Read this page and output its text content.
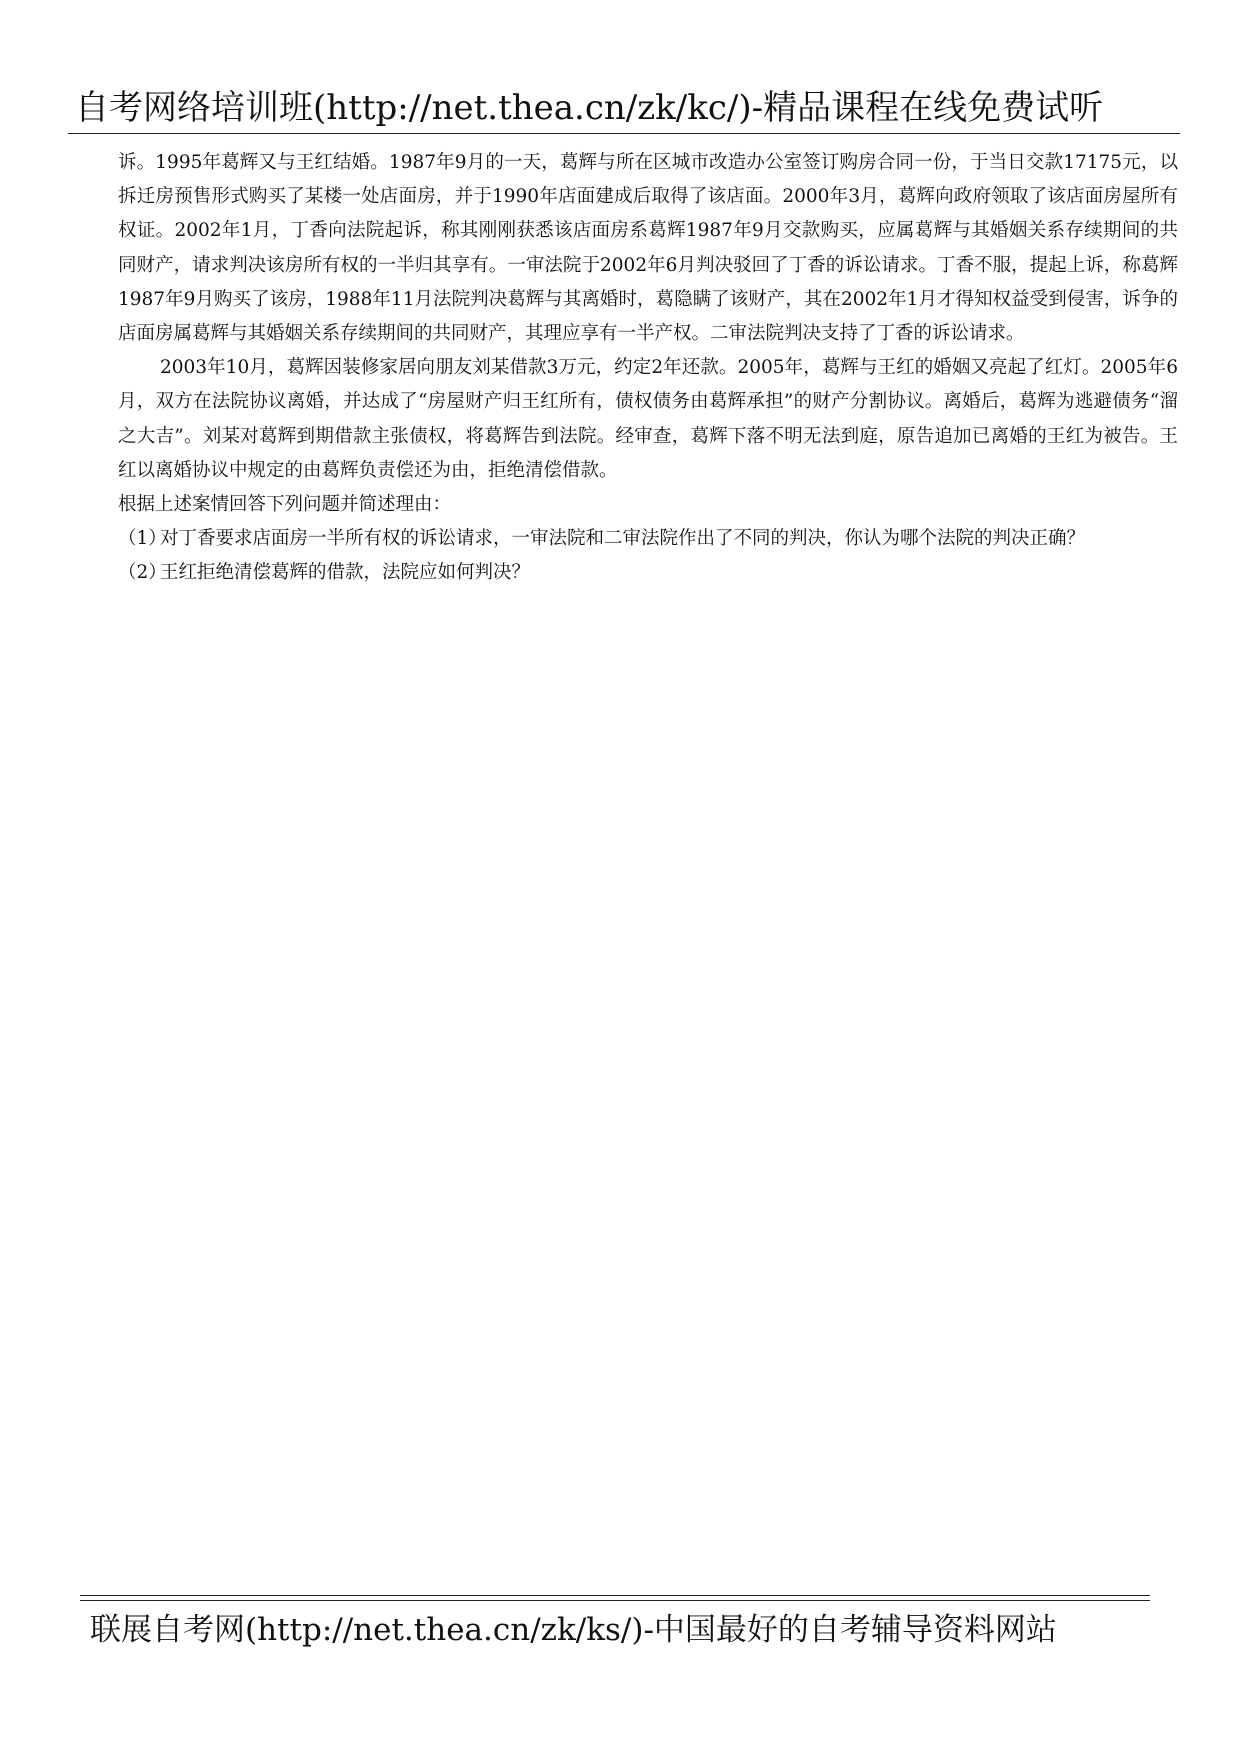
自考网络培训班(http://net.thea.cn/zk/kc/)-精品课程在线免费试听

诉。1995年葛辉又与王红结婚。1987年9月的一天，葛辉与所在区城市改造办公室签订购房合同一份，于当日交款17175元，以拆迁房预售形式购买了某楼一处店面房，并于1990年店面建成后取得了该店面。2000年3月，葛辉向政府领取了该店面房屋所有权证。2002年1月，丁香向法院起诉，称其刚刚获悉该店面房系葛辉1987年9月交款购买，应属葛辉与其婚姻关系存续期间的共同财产，请求判决该房所有权的一半归其享有。一审法院于2002年6月判决驳回了丁香的诉讼请求。丁香不服，提起上诉，称葛辉1987年9月购买了该房，1988年11月法院判决葛辉与其离婚时，葛隐瞒了该财产，其在2002年1月才得知权益受到侵害，诉争的店面房属葛辉与其婚姻关系存续期间的共同财产，其理应享有一半产权。二审法院判决支持了丁香的诉讼请求。

2003年10月，葛辉因装修家居向朋友刘某借款3万元，约定2年还款。2005年，葛辉与王红的婚姻又亮起了红灯。2005年6月，双方在法院协议离婚，并达成了“房屋财产归王红所有，债权债务由葛辉承担”的财产分割协议。离婚后，葛辉为逃避债务“溜之大吉”。刘某对葛辉到期借款主张债权，将葛辉告到法院。经审查，葛辉下落不明无法到庭，原告追加已离婚的王红为被告。王红以离婚协议中规定的由葛辉负责偿还为由，拒绝清偿借款。

根据上述案情回答下列问题并简述理由：

（1）
对丁香要求店面房一半所有权的诉讼请求，一审法院和二审法院作出了不同的判决，你认为哪个法院的判决正确？
（2）
王红拒绝清偿葛辉的借款，法院应如何判决？
联展自考网(http://net.thea.cn/zk/ks/)-中国最好的自考辅导资料网站
